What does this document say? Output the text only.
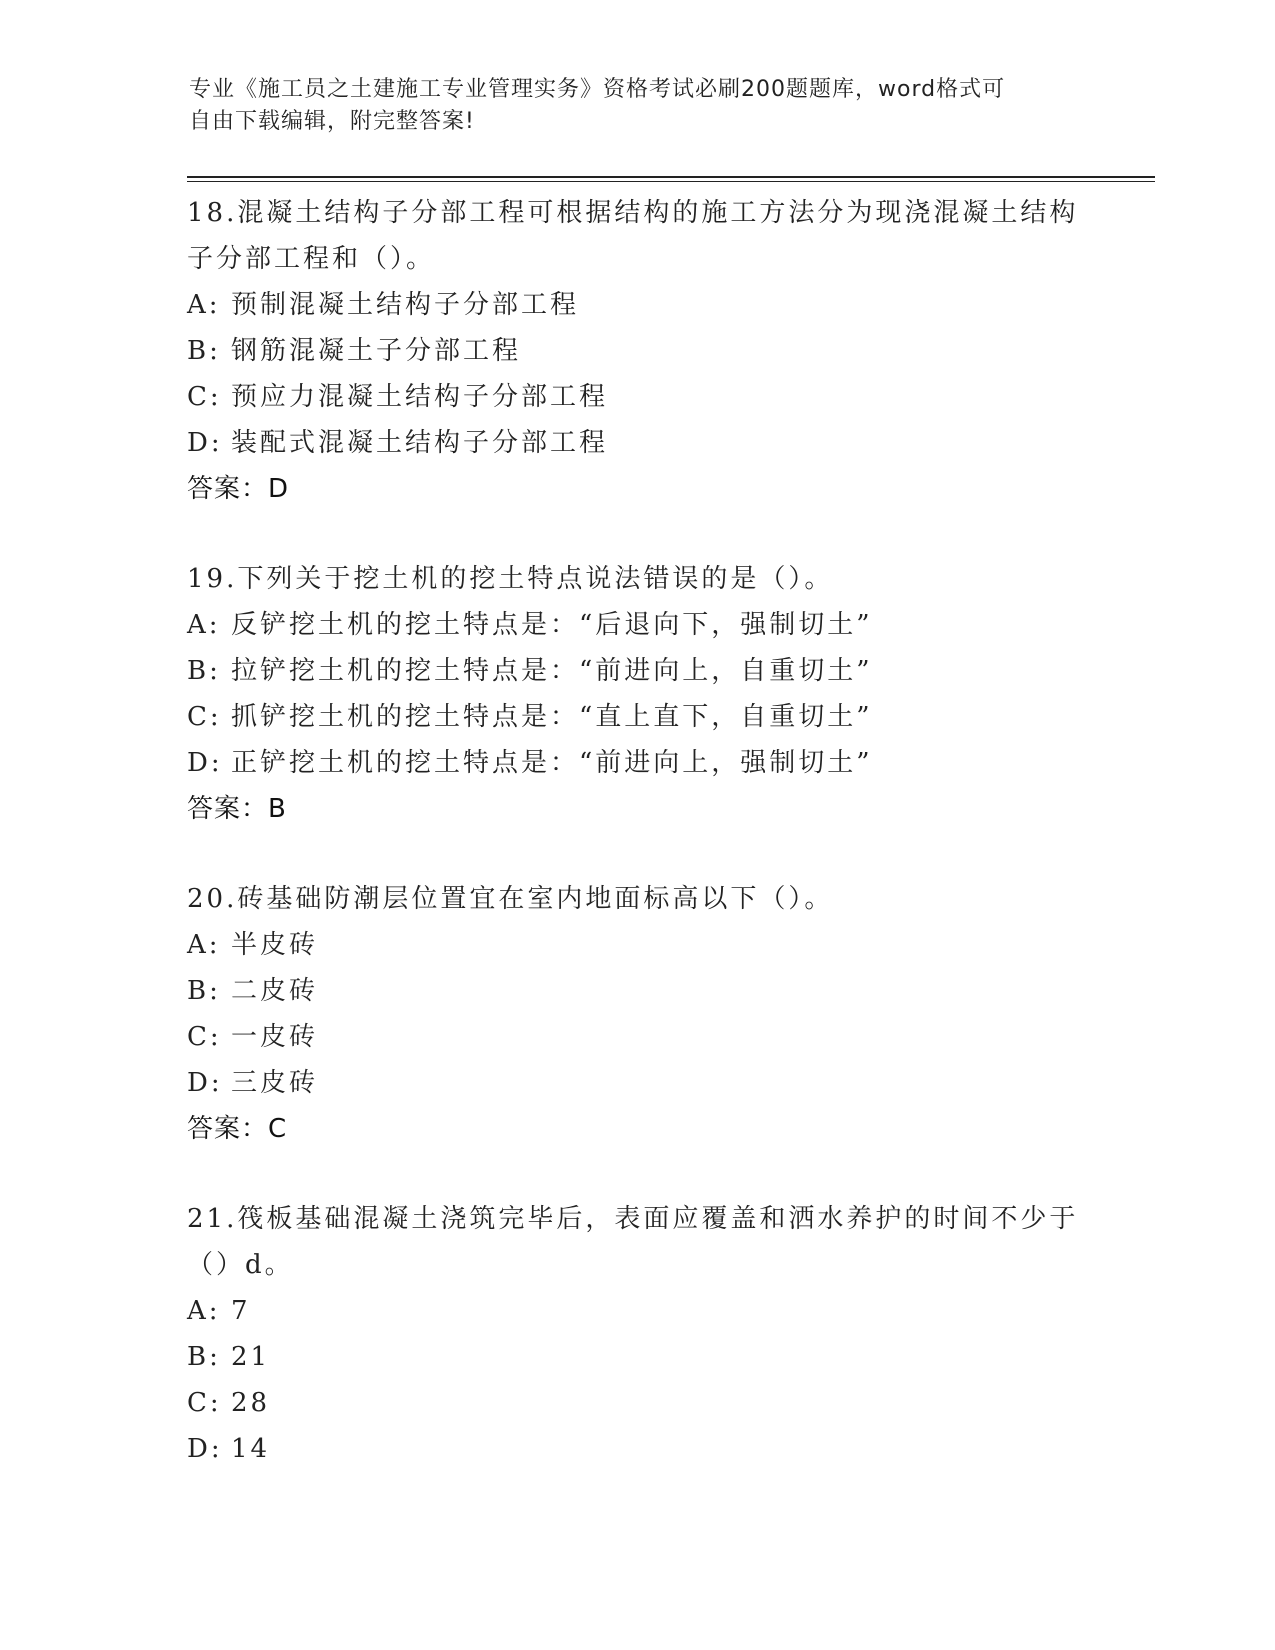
专业《施工员之土建施工专业管理实务》资格考试必刷200题题库，word格式可
自由下载编辑，附完整答案!

18.混凝土结构子分部工程可根据结构的施工方法分为现浇混凝土结构
子分部工程和（）。

A: 预制混凝土结构子分部工程
B: 钢筋混凝土子分部工程
C: 预应力混凝土结构子分部工程
D: 装配式混凝土结构子分部工程
答案：D

19.下列关于挖土机的挖土特点说法错误的是（）。

A: 反铲挖土机的挖土特点是：“后退向下，强制切土”
B: 拉铲挖土机的挖土特点是：“前进向上，自重切土”
C: 抓铲挖土机的挖土特点是：“直上直下，自重切土”
D: 正铲挖土机的挖土特点是：“前进向上，强制切土”
答案：B

20.砖基础防潮层位置宜在室内地面标高以下（）。

A: 半皮砖
B: 二皮砖
C: 一皮砖
D: 三皮砖
答案：C

21.筏板基础混凝土浇筑完毕后，表面应覆盖和洒水养护的时间不少于
（）d。

A: 7
B: 21
C: 28
D: 14
